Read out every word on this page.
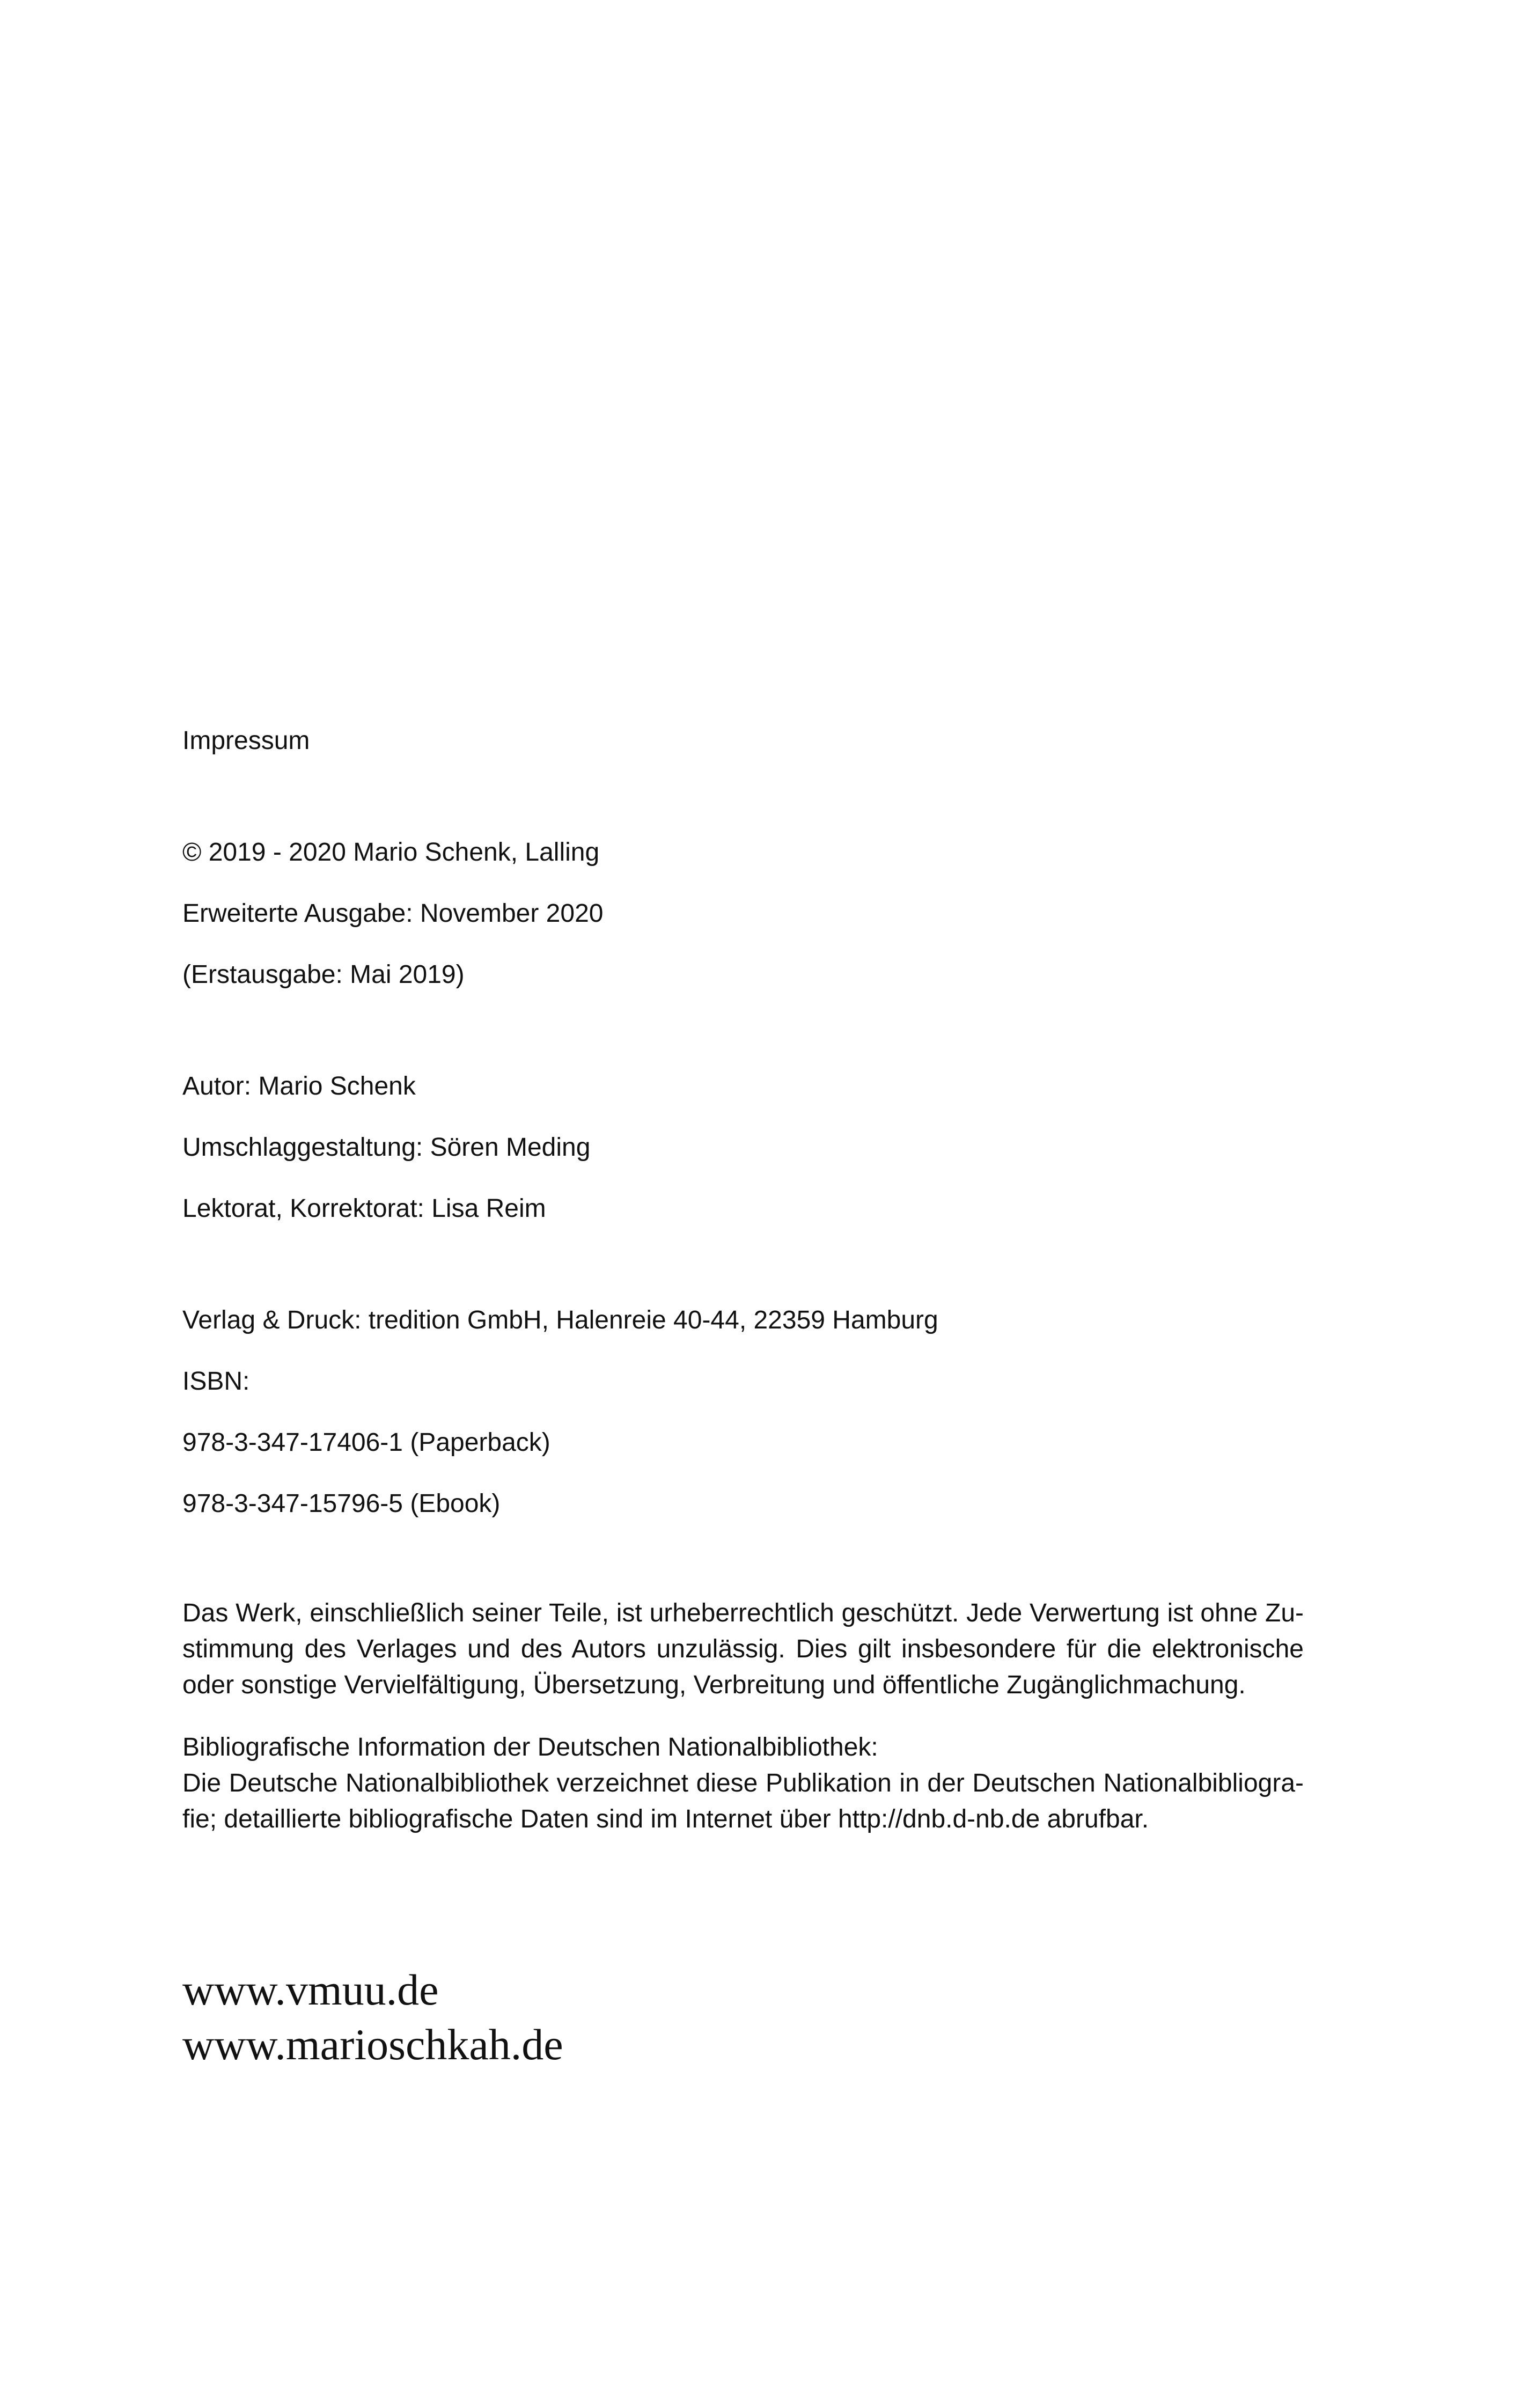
Impressum
© 2019 - 2020 Mario Schenk, Lalling
Erweiterte Ausgabe: November 2020
(Erstausgabe: Mai 2019)
Autor: Mario Schenk
Umschlaggestaltung: Sören Meding
Lektorat, Korrektorat: Lisa Reim
Verlag & Druck: tredition GmbH, Halenreie 40-44, 22359 Hamburg
ISBN:
978-3-347-17406-1 (Paperback)
978-3-347-15796-5 (Ebook)
Das Werk, einschließlich seiner Teile, ist urheberrechtlich geschützt. Jede Verwertung ist ohne Zu-
stimmung des Verlages und des Autors unzulässig. Dies gilt insbesondere für die elektronische
oder sonstige Vervielfältigung, Übersetzung, Verbreitung und öffentliche Zugänglichmachung.
Bibliografische Information der Deutschen Nationalbibliothek:
Die Deutsche Nationalbibliothek verzeichnet diese Publikation in der Deutschen Nationalbibliogra-
fie; detaillierte bibliografische Daten sind im Internet über http://dnb.d-nb.de abrufbar.
www.vmuu.de
www.marioschkah.de
